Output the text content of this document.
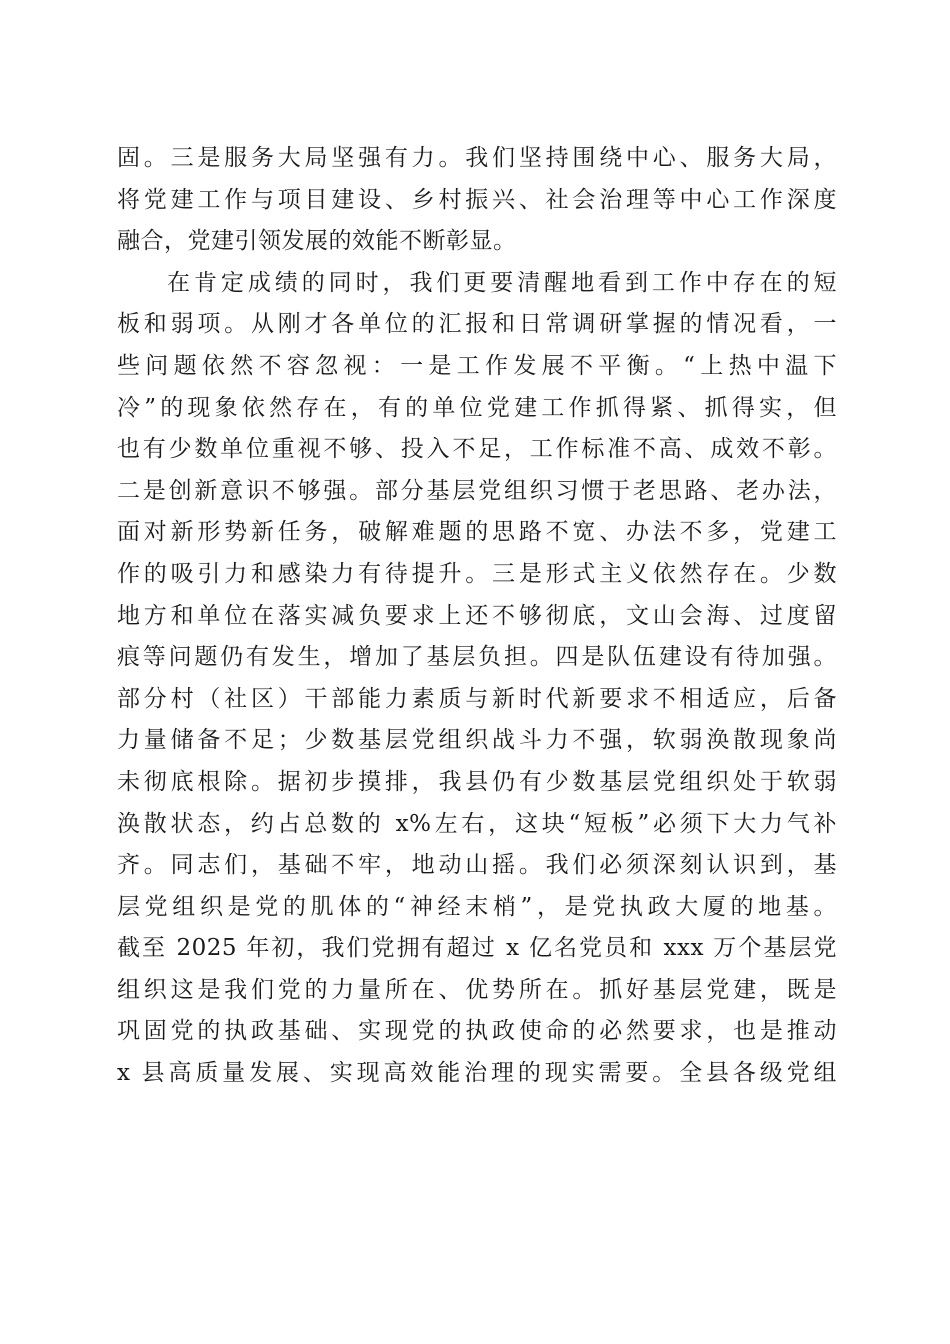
固。三是服务大局坚强有力。我们坚持围绕中心、服务大局，
将党建工作与项目建设、乡村振兴、社会治理等中心工作深度
融合，党建引领发展的效能不断彰显。
在肯定成绩的同时，我们更要清醒地看到工作中存在的短
板和弱项。从刚才各单位的汇报和日常调研掌握的情况看，一
些问题依然不容忽视：一是工作发展不平衡。“上热中温下
冷”的现象依然存在，有的单位党建工作抓得紧、抓得实，但
也有少数单位重视不够、投入不足，工作标准不高、成效不彰。
二是创新意识不够强。部分基层党组织习惯于老思路、老办法，
面对新形势新任务，破解难题的思路不宽、办法不多，党建工
作的吸引力和感染力有待提升。三是形式主义依然存在。少数
地方和单位在落实减负要求上还不够彻底，文山会海、过度留
痕等问题仍有发生，增加了基层负担。四是队伍建设有待加强。
部分村（社区）干部能力素质与新时代新要求不相适应，后备
力量储备不足；少数基层党组织战斗力不强，软弱涣散现象尚
未彻底根除。据初步摸排，我县仍有少数基层党组织处于软弱
涣散状态，约占总数的 x%左右，这块“短板”必须下大力气补
齐。同志们，基础不牢，地动山摇。我们必须深刻认识到，基
层党组织是党的肌体的“神经末梢”，是党执政大厦的地基。
截至 2025 年初，我们党拥有超过 x 亿名党员和 xxx 万个基层党
组织这是我们党的力量所在、优势所在。抓好基层党建，既是
巩固党的执政基础、实现党的执政使命的必然要求，也是推动
x 县高质量发展、实现高效能治理的现实需要。全县各级党组
